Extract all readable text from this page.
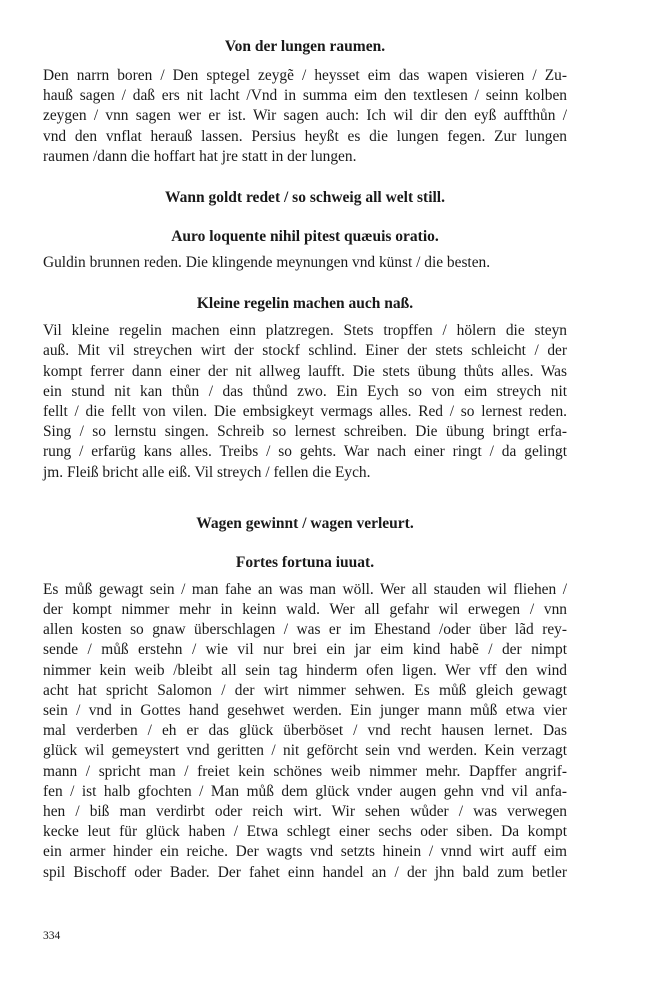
Von der lungen raumen.

Den narrn boren / Den sptegel zeygẽ / heysset eim das wapen visieren / Zu-
hauß sagen / daß ers nit lacht /Vnd in summa eim den textlesen / seinn kolben
zeygen / vnn sagen wer er ist. Wir sagen auch: Ich wil dir den eyß auffthůn /
vnd den vnflat herauß lassen. Persius heyßt es die lungen fegen. Zur lungen
raumen /dann die hoffart hat jre statt in der lungen.

Wann goldt redet / so schweig all welt still.

Auro loquente nihil pitest quæuis oratio.

Guldin brunnen reden. Die klingende meynungen vnd künst / die besten.

Kleine regelin machen auch naß.

Vil kleine regelin machen einn platzregen. Stets tropffen / hölern die steyn
auß. Mit vil streychen wirt der stockf schlind. Einer der stets schleicht / der
kompt ferrer dann einer der nit allweg laufft. Die stets übung thůts alles. Was
ein stund nit kan thůn / das thůnd zwo. Ein Eych so von eim streych nit
fellt / die fellt von vilen. Die embsigkeyt vermags alles. Red / so lernest reden.
Sing / so lernstu singen. Schreib so lernest schreiben. Die übung bringt erfa-
rung / erfarüg kans alles. Treibs / so gehts. War nach einer ringt / da gelingt
jm. Fleiß bricht alle eiß. Vil streych / fellen die Eych.

Wagen gewinnt / wagen verleurt.

Fortes fortuna iuuat.

Es můß gewagt sein / man fahe an was man wöll. Wer all stauden wil fliehen /
der kompt nimmer mehr in keinn wald. Wer all gefahr wil erwegen / vnn
allen kosten so gnaw überschlagen / was er im Ehestand /oder über lãd rey-
sende / můß erstehn / wie vil nur brei ein jar eim kind habẽ / der nimpt
nimmer kein weib /bleibt all sein tag hinderm ofen ligen. Wer vff den wind
acht hat spricht Salomon / der wirt nimmer sehwen. Es můß gleich gewagt
sein / vnd in Gottes hand gesehwet werden. Ein junger mann můß etwa vier
mal verderben / eh er das glück überböset / vnd recht hausen lernet. Das
glück wil gemeystert vnd geritten / nit geförcht sein vnd werden. Kein verzagt
mann / spricht man / freiet kein schönes weib nimmer mehr. Dapffer angrif-
fen / ist halb gfochten / Man můß dem glück vnder augen gehn vnd vil anfa-
hen / biß man verdirbt oder reich wirt. Wir sehen wůder / was verwegen
kecke leut für glück haben / Etwa schlegt einer sechs oder siben. Da kompt
ein armer hinder ein reiche. Der wagts vnd setzts hinein / vnnd wirt auff eim
spil Bischoff oder Bader. Der fahet einn handel an / der jhn bald zum betler
334
